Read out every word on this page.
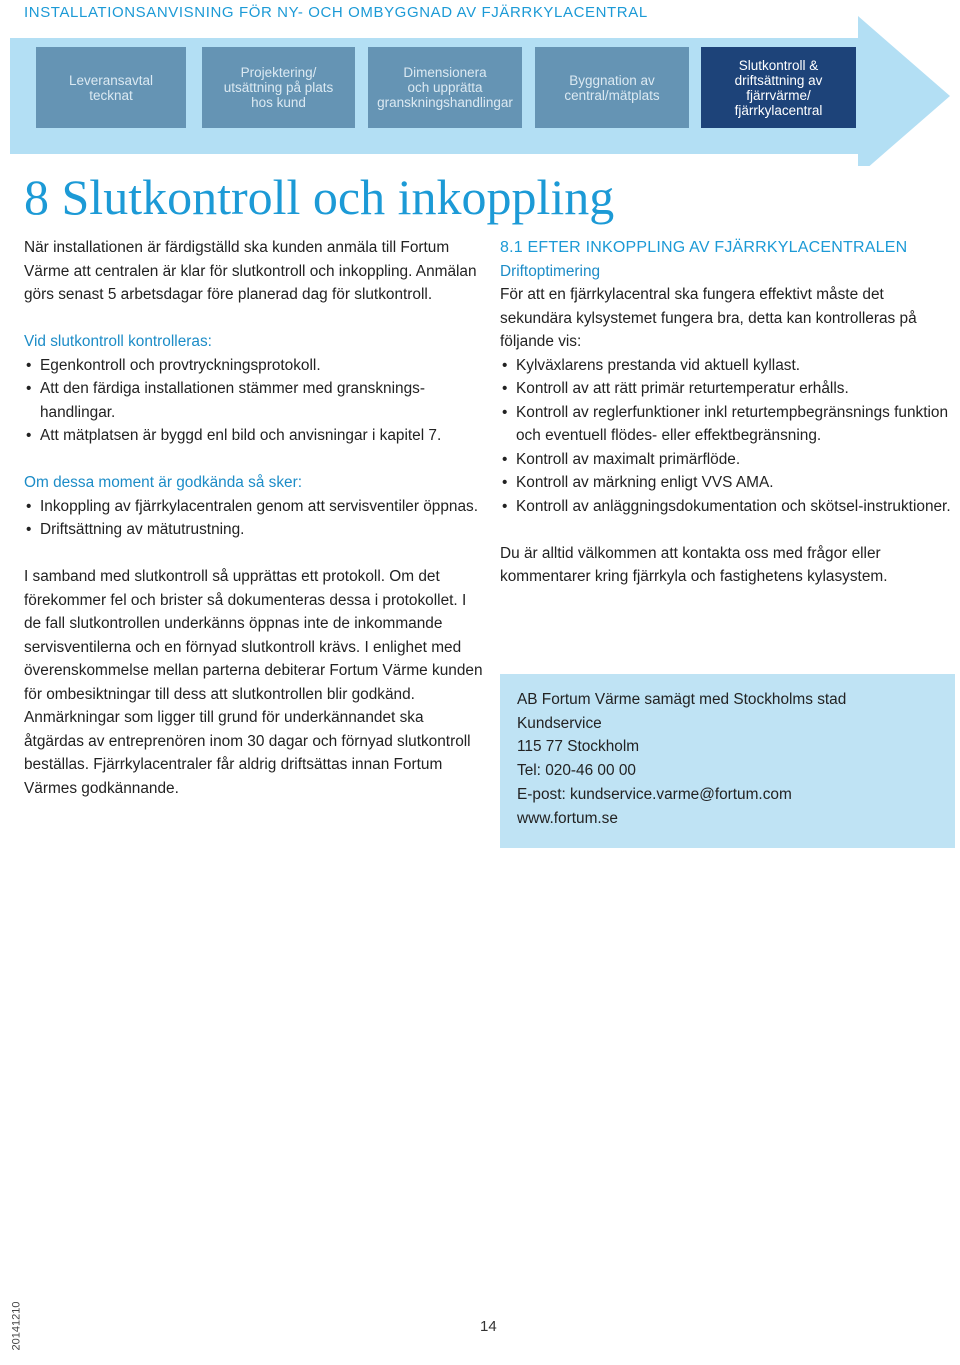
INSTALLATIONSANVISNING FÖR NY- OCH OMBYGGNAD AV FJÄRRKYLACENTRAL
Leveransavtal
tecknat
Projektering/
utsättning på plats
hos kund
Dimensionera
och upprätta
granskningshandlingar
Byggnation av
central/mätplats
Slutkontroll &
driftsättning av
fjärrvärme/
fjärrkylacentral
8 Slutkontroll och inkoppling

När installationen är färdigställd ska kunden anmäla till Fortum Värme att centralen är klar för slutkontroll och inkoppling. Anmälan görs senast 5 arbetsdagar före planerad dag för slutkontroll.

Vid slutkontroll kontrolleras:
• Egenkontroll och provtryckningsprotokoll.
• Att den färdiga installationen stämmer med gransknings-handlingar.
• Att mätplatsen är byggd enl bild och anvisningar i kapitel 7.
Om dessa moment är godkända så sker:
• Inkoppling av fjärrkylacentralen genom att servisventiler öppnas.
• Driftsättning av mätutrustning.

I samband med slutkontroll så upprättas ett protokoll. Om det förekommer fel och brister så dokumenteras dessa i protokollet. I de fall slutkontrollen underkänns öppnas inte de inkommande servisventilerna och en förnyad slutkontroll krävs. I enlighet med överenskommelse mellan parterna debiterar Fortum Värme kunden för ombesiktningar till dess att slutkontrollen blir godkänd. Anmärkningar som ligger till grund för underkännandet ska åtgärdas av entreprenören inom 30 dagar och förnyad slutkontroll beställas. Fjärrkylacentraler får aldrig driftsättas innan Fortum Värmes godkännande.

8.1 EFTER INKOPPLING AV FJÄRRKYLACENTRALEN
Driftoptimering

För att en fjärrkylacentral ska fungera effektivt måste det sekundära kylsystemet fungera bra, detta kan kontrolleras på följande vis:

• Kylväxlarens prestanda vid aktuell kyllast.
• Kontroll av att rätt primär returtemperatur erhålls.
• Kontroll av reglerfunktioner inkl returtempbegränsnings funktion och eventuell flödes- eller effektbegränsning.
• Kontroll av maximalt primärflöde.
• Kontroll av märkning enligt VVS AMA.
• Kontroll av anläggningsdokumentation och skötsel-instruktioner.

Du är alltid välkommen att kontakta oss med frågor eller kommentarer kring fjärrkyla och fastighetens kylasystem.

AB Fortum Värme samägt med Stockholms stad
Kundservice
115 77 Stockholm
Tel: 020-46 00 00
E-post: kundservice.varme@fortum.com
www.fortum.se
20141210	14
